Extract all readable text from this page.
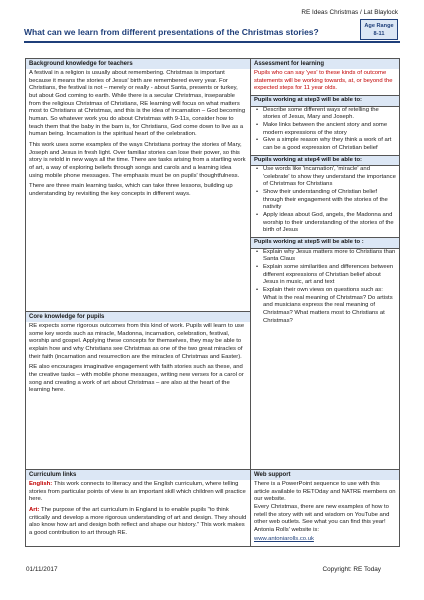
RE Ideas Christmas / Lat Blaylock
What can we learn from different presentations of the Christmas stories?
Age Range
8-11
Background knowledge for teachers

A festival in a religion is usually about remembering. Christmas is important because it means the stories of Jesus' birth are remembered every year. For Christians, the festival is not – merely or really - about Santa, presents or turkey, but about God coming to earth. While there is a secular Christmas, inseparable from the religious Christmas of Christians, RE learning will focus on what matters most to Christians at Christmas, and this is the idea of incarnation – God becoming human. So whatever work you do about Christmas with 9-11s, consider how to teach them that the baby in the barn is, for Christians, God come down to live as a human being. Incarnation is the spiritual heart of the celebration.

This work uses some examples of the ways Christians portray the stories of Mary, Joseph and Jesus in fresh light. Over familiar stories can lose their power, so this story is retold in new ways all the time. There are tasks arising from a startling work of art, a way of exploring beliefs through songs and carols and a learning idea using mobile phone messages. The emphasis must be on pupils' thoughtfulness.

There are three main learning tasks, which can take three lessons, building up understanding by revisiting the key concepts in different ways.

Core knowledge for pupils

RE expects some rigorous outcomes from this kind of work. Pupils will learn to use some key words such as miracle, Madonna, incarnation, celebration, festival, worship and gospel. Applying these concepts for themselves, they may be able to explain how and why Christians see Christmas as one of the two great miracles of their faith (incarnation and resurrection are the miracles of Christmas and Easter).

RE also encourages imaginative engagement with faith stories such as these, and the creative tasks – with mobile phone messages, writing new verses for a carol or song and creating a work of art about Christmas – are also at the heart of the learning here.

Curriculum links

English: This work connects to literacy and the English curriculum, where telling stories from particular points of view is an important skill which children will practice here.

Art: The purpose of the art curriculum in England is to enable pupils "to think critically and develop a more rigorous understanding of art and design. They should also know how art and design both reflect and shape our history." This work makes a good contribution to art through RE.

Assessment for learning
Pupils who can say 'yes' to these kinds of outcome statements will be working towards, at, or beyond the expected steps for 11 year olds.
Pupils working at step3 will be able to:
• Describe some different ways of retelling the stories of Jesus, Mary and Joseph.
• Make links between the ancient story and some modern expressions of the story
• Give a simple reason why they think a work of art can be a good expression of Christian belief
Pupils working at step4 will be able to:
• Use words like 'incarnation', 'miracle' and 'celebrate' to show they understand the importance of Christmas for Christians
• Show their understanding of Christian belief through their engagement with the stories of the nativity
• Apply ideas about God, angels, the Madonna and worship to their understanding of the stories of the birth of Jesus
Pupils working at step5 will be able to :
• Explain why Jesus matters more to Christians than Santa Claus
• Explain some similarities and differences between different expressions of Christian belief about Jesus in music, art and text
• Explain their own views on questions such as: What is the real meaning of Christmas? Do artists and musicians express the real meaning of Christmas? What matters most to Christians at Christmas?
Web support
There is a PowerPoint sequence to use with this article available to RETOday and NATRE members on our website.
Every Christmas, there are new examples of how to retell the story with wit and wisdom on YouTube and other web outlets. See what you can find this year!
Antonia Rolls' website is:
www.antoniarolls.co.uk
01/11/2017	Copyright: RE Today
